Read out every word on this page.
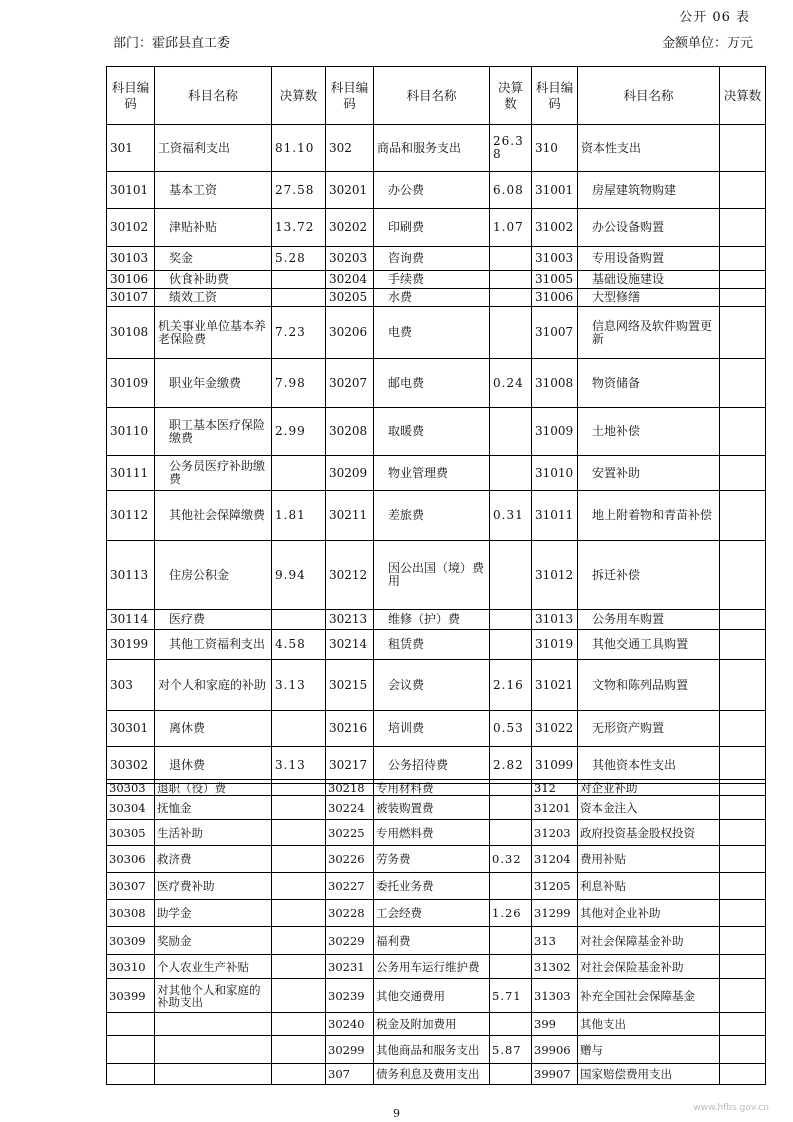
公开 06 表
部门：霍邱县直工委	金额单位：万元
科目编码	科目名称	决算数	科目编码	科目名称	决算数	科目编码	科目名称	决算数
301	工资福利支出	81.10	302	商品和服务支出	26.38	310	资本性支出	
30101	基本工资	27.58	30201	办公费	6.08	31001	房屋建筑物购建	
30102	津贴补贴	13.72	30202	印刷费	1.07	31002	办公设备购置	
30103	奖金	5.28	30203	咨询费		31003	专用设备购置	
30106	伙食补助费		30204	手续费		31005	基础设施建设	
30107	绩效工资		30205	水费		31006	大型修缮	
30108	机关事业单位基本养老保险费	7.23	30206	电费		31007	信息网络及软件购置更新	
30109	职业年金缴费	7.98	30207	邮电费	0.24	31008	物资储备	
30110	职工基本医疗保险缴费	2.99	30208	取暖费		31009	土地补偿	
30111	公务员医疗补助缴费		30209	物业管理费		31010	安置补助	
30112	其他社会保障缴费	1.81	30211	差旅费	0.31	31011	地上附着物和青苗补偿	
30113	住房公积金	9.94	30212	因公出国（境）费用		31012	拆迁补偿	
30114	医疗费		30213	维修（护）费		31013	公务用车购置	
30199	其他工资福利支出	4.58	30214	租赁费		31019	其他交通工具购置	
303	对个人和家庭的补助	3.13	30215	会议费	2.16	31021	文物和陈列品购置	
30301	离休费		30216	培训费	0.53	31022	无形资产购置	
30302	退休费	3.13	30217	公务招待费	2.82	31099	其他资本性支出	
30303	退职（役）费		30218	专用材料费		312	对企业补助	
30304	抚恤金		30224	被装购置费		31201	资本金注入	
30305	生活补助		30225	专用燃料费		31203	政府投资基金股权投资	
30306	救济费		30226	劳务费	0.32	31204	费用补贴	
30307	医疗费补助		30227	委托业务费		31205	利息补贴	
30308	助学金		30228	工会经费	1.26	31299	其他对企业补助	
30309	奖励金		30229	福利费		313	对社会保障基金补助	
30310	个人农业生产补贴		30231	公务用车运行维护费		31302	对社会保险基金补助	
30399	对其他个人和家庭的补助支出		30239	其他交通费用	5.71	31303	补充全国社会保障基金	
			30240	税金及附加费用		399	其他支出	
			30299	其他商品和服务支出	5.87	39906	赠与	
			307	债务利息及费用支出		39907	国家赔偿费用支出	
9	www.hfbs.gov.cn
